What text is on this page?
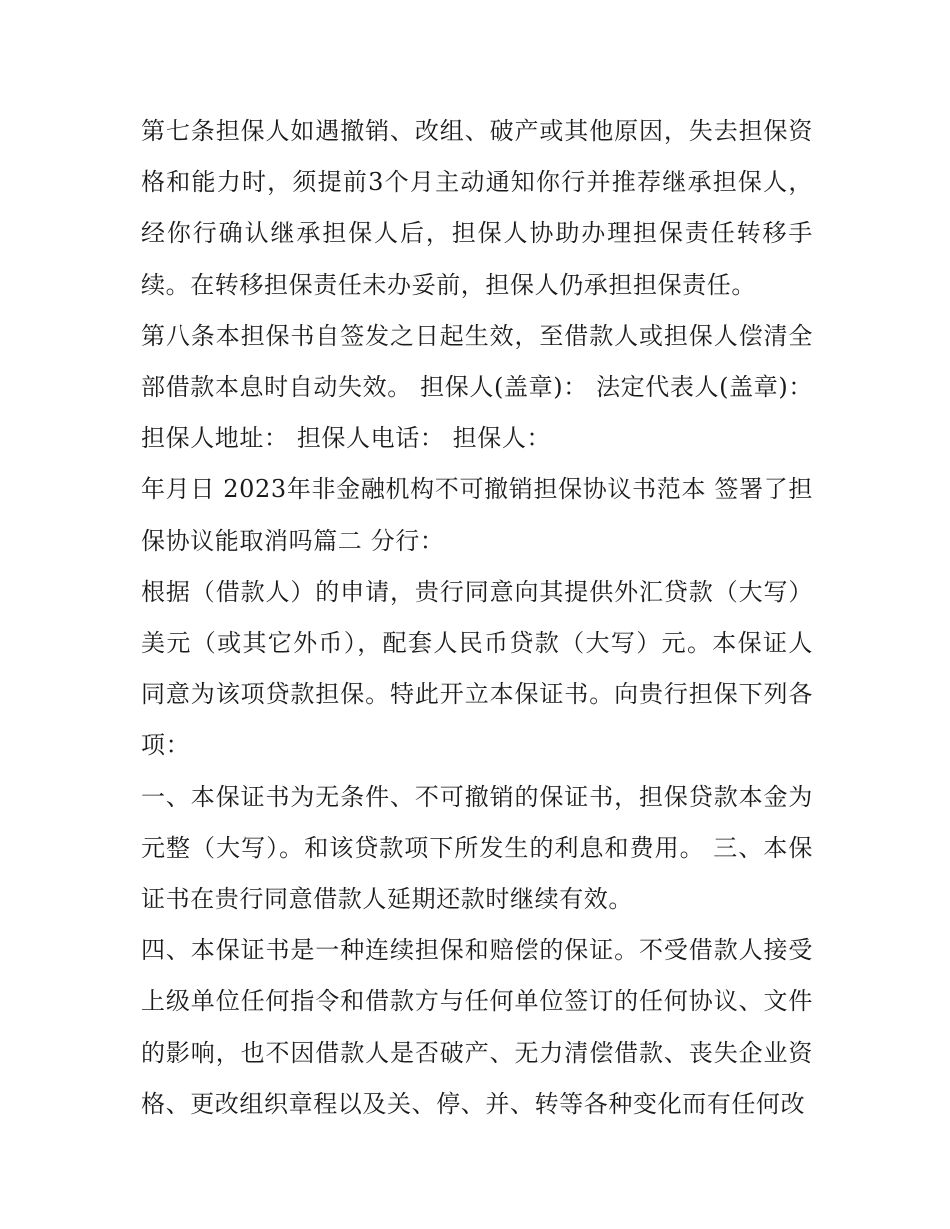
第七条担保人如遇撤销、改组、破产或其他原因，失去担保资格和能力时，须提前3个月主动通知你行并推荐继承担保人，经你行确认继承担保人后，担保人协助办理担保责任转移手续。在转移担保责任未办妥前，担保人仍承担担保责任。

第八条本担保书自签发之日起生效，至借款人或担保人偿清全部借款本息时自动失效。 担保人(盖章)： 法定代表人(盖章)： 担保人地址： 担保人电话： 担保人：

年月日 2023年非金融机构不可撤销担保协议书范本 签署了担保协议能取消吗篇二 分行：

根据（借款人）的申请，贵行同意向其提供外汇贷款（大写）美元（或其它外币），配套人民币贷款（大写）元。本保证人同意为该项贷款担保。特此开立本保证书。向贵行担保下列各项：

一、本保证书为无条件、不可撤销的保证书，担保贷款本金为元整（大写）。和该贷款项下所发生的利息和费用。 三、本保证书在贵行同意借款人延期还款时继续有效。

四、本保证书是一种连续担保和赔偿的保证。不受借款人接受上级单位任何指令和借款方与任何单位签订的任何协议、文件的影响，也不因借款人是否破产、无力清偿借款、丧失企业资格、更改组织章程以及关、停、并、转等各种变化而有任何改
